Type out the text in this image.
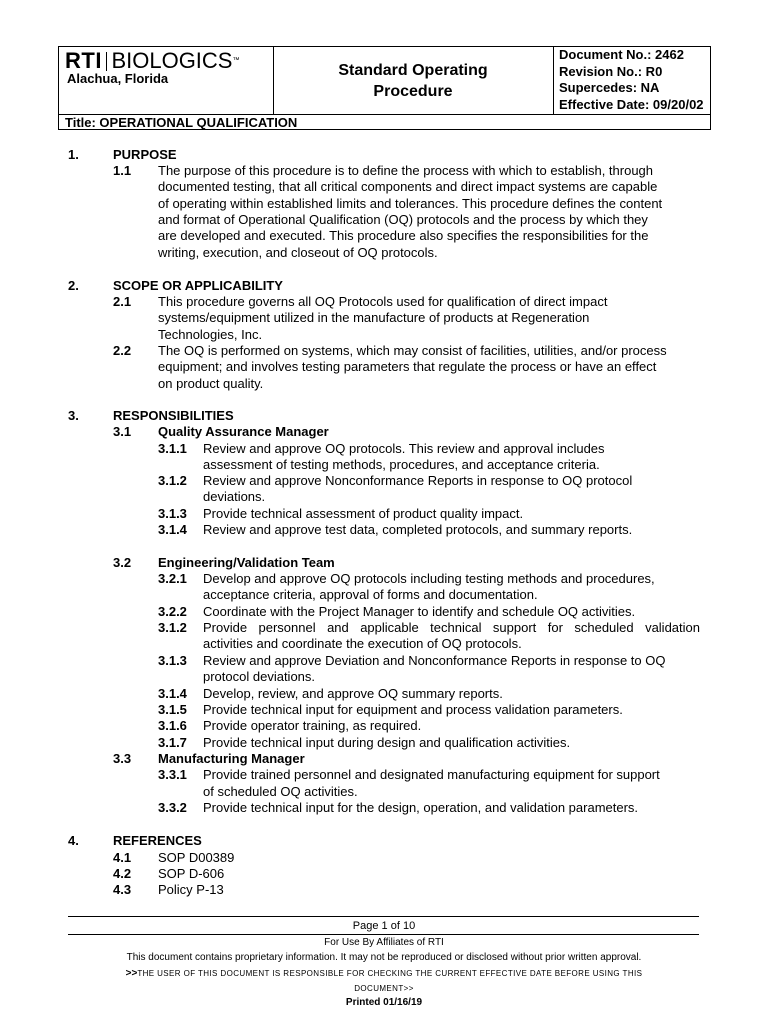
RTI BIOLOGICS™
Alachua, Florida	Standard Operating
Procedure
Document No.: 2462
Revision No.: R0
Supercedes: NA
Effective Date: 09/20/02
Title: OPERATIONAL QUALIFICATION
1.	PURPOSE
1.1 The purpose of this procedure is to define the process with which to establish, through
documented testing, that all critical components and direct impact systems are capable
of operating within established limits and tolerances. This procedure defines the content
and format of Operational Qualification (OQ) protocols and the process by which they
are developed and executed. This procedure also specifies the responsibilities for the
writing, execution, and closeout of OQ protocols.
2.	SCOPE OR APPLICABILITY
2.1 This procedure governs all OQ Protocols used for qualification of direct impact
systems/equipment utilized in the manufacture of products at Regeneration
Technologies, Inc.
2.2 The OQ is performed on systems, which may consist of facilities, utilities, and/or process
equipment; and involves testing parameters that regulate the process or have an effect
on product quality.
3.	RESPONSIBILITIES
3.1 Quality Assurance Manager
3.1.1 Review and approve OQ protocols. This review and approval includes
assessment of testing methods, procedures, and acceptance criteria.
3.1.2 Review and approve Nonconformance Reports in response to OQ protocol
deviations.
3.1.3 Provide technical assessment of product quality impact.
3.1.4 Review and approve test data, completed protocols, and summary reports.
3.2 Engineering/Validation Team
3.2.1 Develop and approve OQ protocols including testing methods and procedures,
acceptance criteria, approval of forms and documentation.
3.2.2 Coordinate with the Project Manager to identify and schedule OQ activities.
3.1.2 Provide personnel and applicable technical support for scheduled validation
activities and coordinate the execution of OQ protocols.
3.1.3 Review and approve Deviation and Nonconformance Reports in response to OQ
protocol deviations.
3.1.4 Develop, review, and approve OQ summary reports.
3.1.5 Provide technical input for equipment and process validation parameters.
3.1.6 Provide operator training, as required.
3.1.7 Provide technical input during design and qualification activities.
3.3 Manufacturing Manager
3.3.1 Provide trained personnel and designated manufacturing equipment for support
of scheduled OQ activities.
3.3.2 Provide technical input for the design, operation, and validation parameters.
4.	REFERENCES
4.1 SOP D00389
4.2 SOP D-606
4.3 Policy P-13
Page 1 of 10
For Use By Affiliates of RTI
This document contains proprietary information. It may not be reproduced or disclosed without prior written approval.
>>THE USER OF THIS DOCUMENT IS RESPONSIBLE FOR CHECKING THE CURRENT EFFECTIVE DATE BEFORE USING THIS
DOCUMENT>>
Printed 01/16/19
